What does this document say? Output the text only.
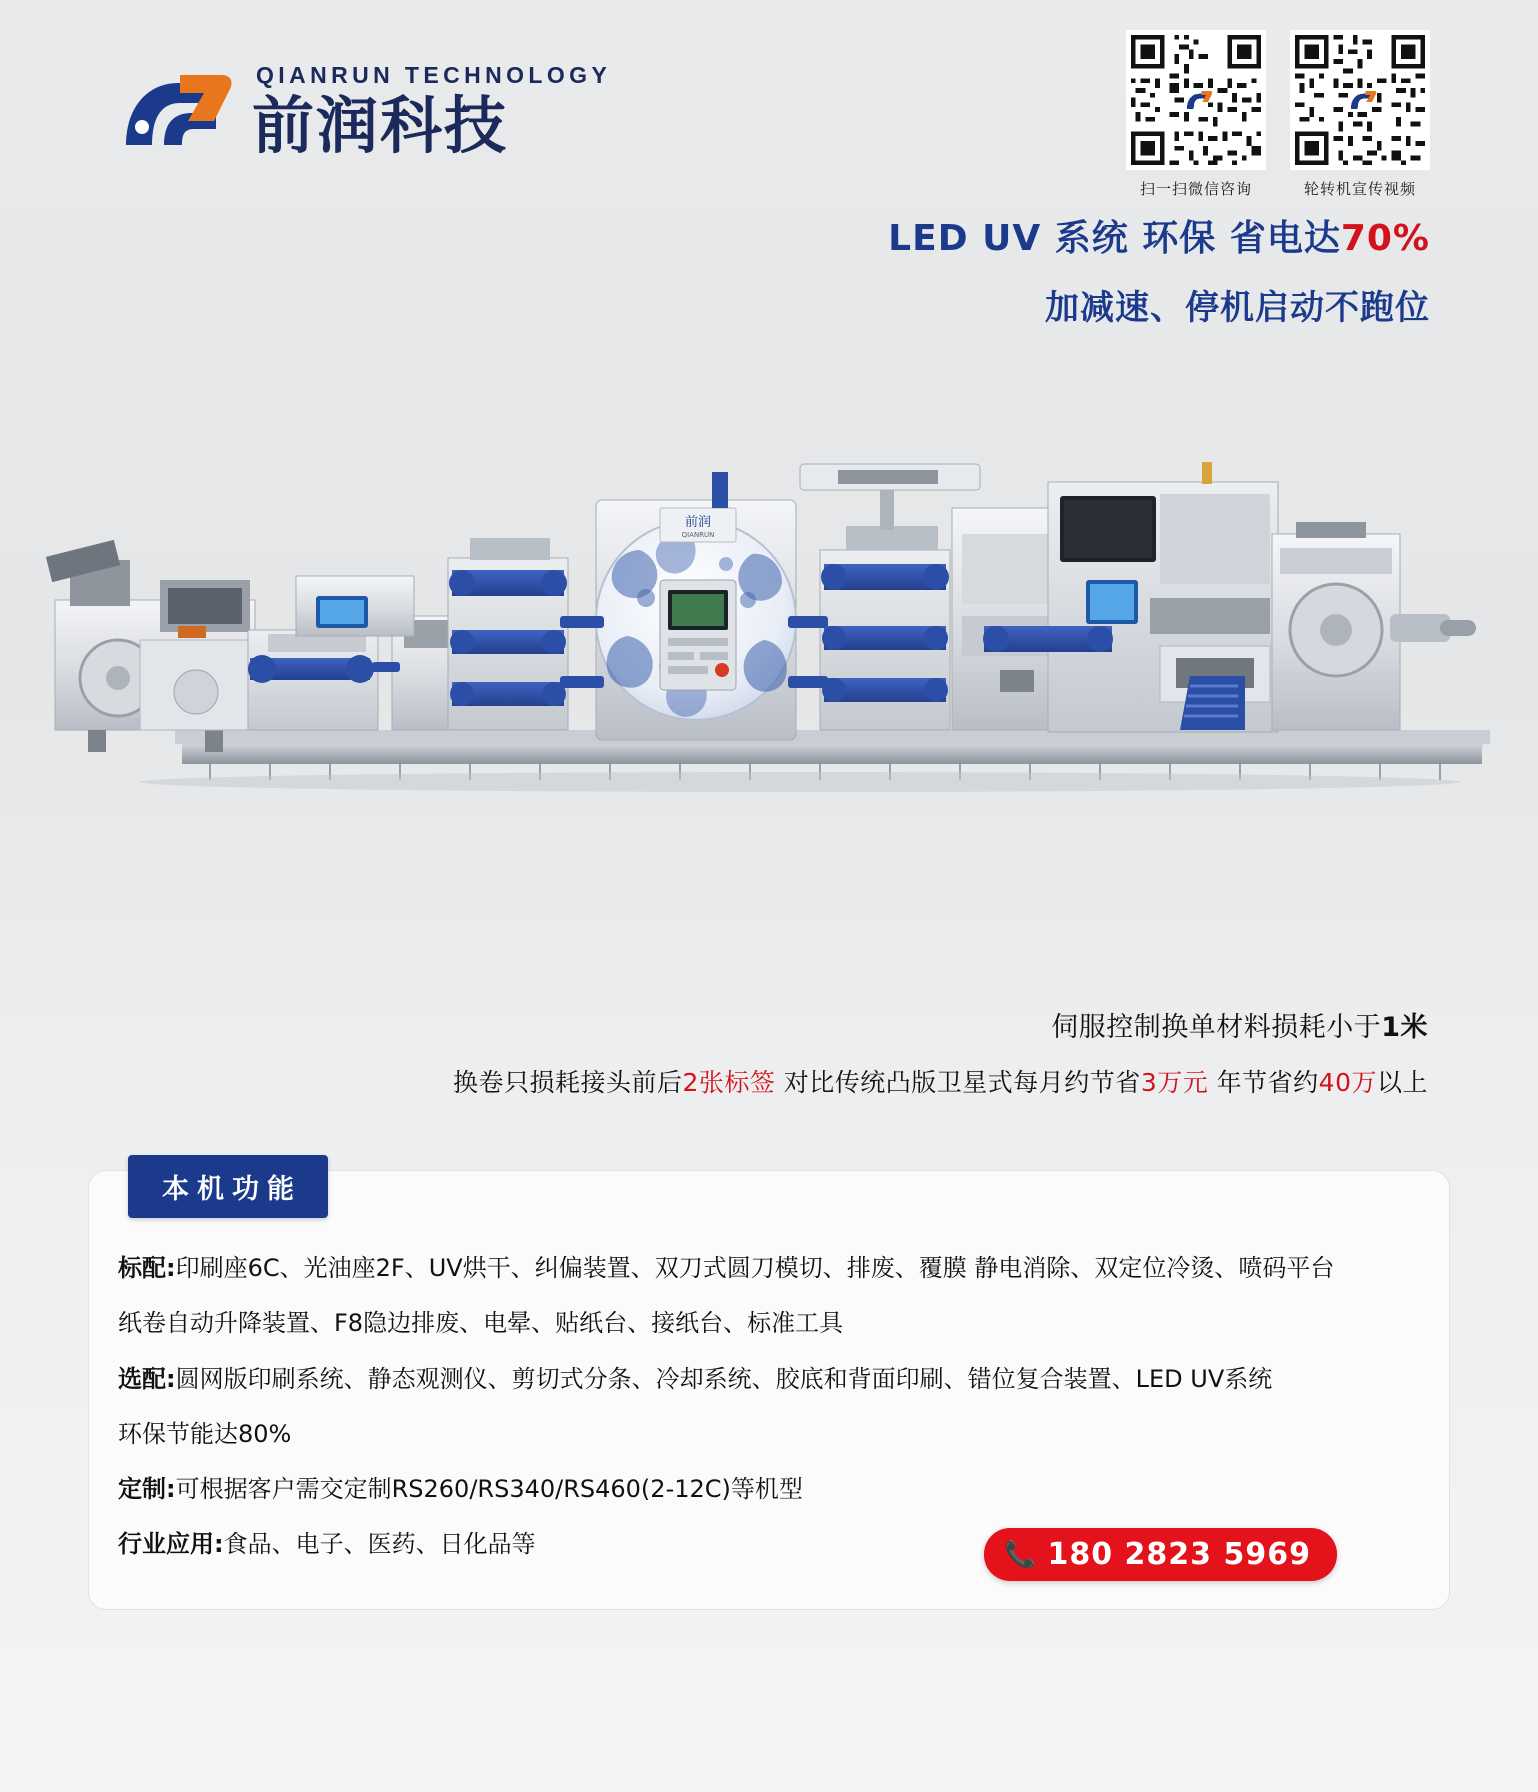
QIANRUN TECHNOLOGY
前润科技
扫一扫微信咨询	轮转机宣传视频
LED UV 系统 环保 省电达70%
加减速、停机启动不跑位
前润
QIANRUN
伺服控制换单材料损耗小于1米
换卷只损耗接头前后2张标签 对比传统凸版卫星式每月约节省3万元 年节省约40万以上
📞 180 2823 5969
本机功能

标配:印刷座6C、光油座2F、UV烘干、纠偏装置、双刀式圆刀模切、排废、覆膜 静电消除、双定位冷烫、喷码平台

纸卷自动升降装置、F8隐边排废、电晕、贴纸台、接纸台、标准工具

选配:圆网版印刷系统、静态观测仪、剪切式分条、冷却系统、胶底和背面印刷、错位复合装置、LED UV系统

环保节能达80%

定制:可根据客户需交定制RS260/RS340/RS460(2-12C)等机型

行业应用:食品、电子、医药、日化品等
